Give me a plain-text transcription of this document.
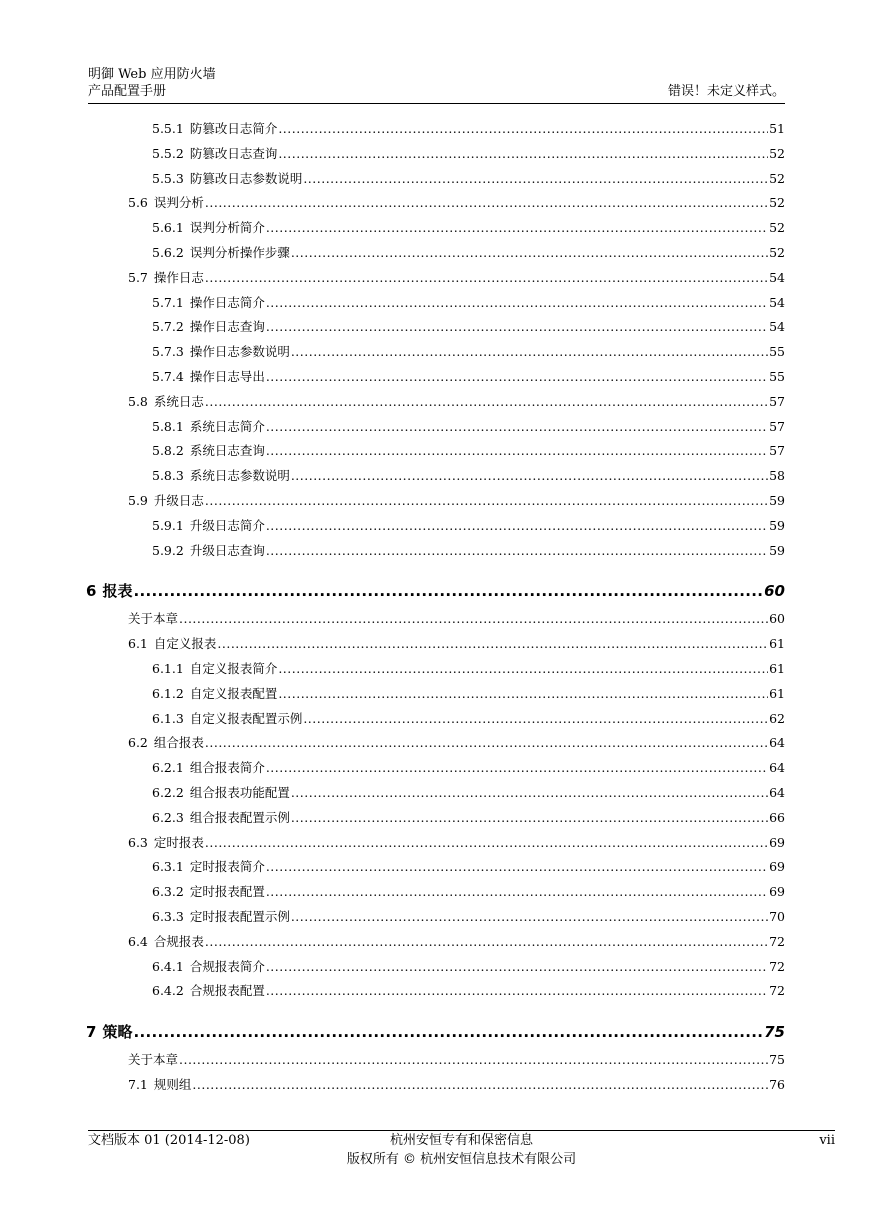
明御 Web 应用防火墙
产品配置手册	错误！未定义样式。
5.5.1 防篡改日志简介 .....	51
5.5.2 防篡改日志查询 .....	52
5.5.3 防篡改日志参数说明 .....	52
5.6 误判分析 .....	52
5.6.1 误判分析简介 .....	52
5.6.2 误判分析操作步骤 .....	52
5.7 操作日志 .....	54
5.7.1 操作日志简介 .....	54
5.7.2 操作日志查询 .....	54
5.7.3 操作日志参数说明 .....	55
5.7.4 操作日志导出 .....	55
5.8 系统日志 .....	57
5.8.1 系统日志简介 .....	57
5.8.2 系统日志查询 .....	57
5.8.3 系统日志参数说明 .....	58
5.9 升级日志 .....	59
5.9.1 升级日志简介 .....	59
5.9.2 升级日志查询 .....	59
6 报表 .....	60
关于本章 .....	60
6.1 自定义报表 .....	61
6.1.1 自定义报表简介 .....	61
6.1.2 自定义报表配置 .....	61
6.1.3 自定义报表配置示例 .....	62
6.2 组合报表 .....	64
6.2.1 组合报表简介 .....	64
6.2.2 组合报表功能配置 .....	64
6.2.3 组合报表配置示例 .....	66
6.3 定时报表 .....	69
6.3.1 定时报表简介 .....	69
6.3.2 定时报表配置 .....	69
6.3.3 定时报表配置示例 .....	70
6.4 合规报表 .....	72
6.4.1 合规报表简介 .....	72
6.4.2 合规报表配置 .....	72
7 策略 .....	75
关于本章 .....	75
7.1 规则组 .....	76
文档版本 01 (2014-12-08)	杭州安恒专有和保密信息
版权所有 © 杭州安恒信息技术有限公司
vii
